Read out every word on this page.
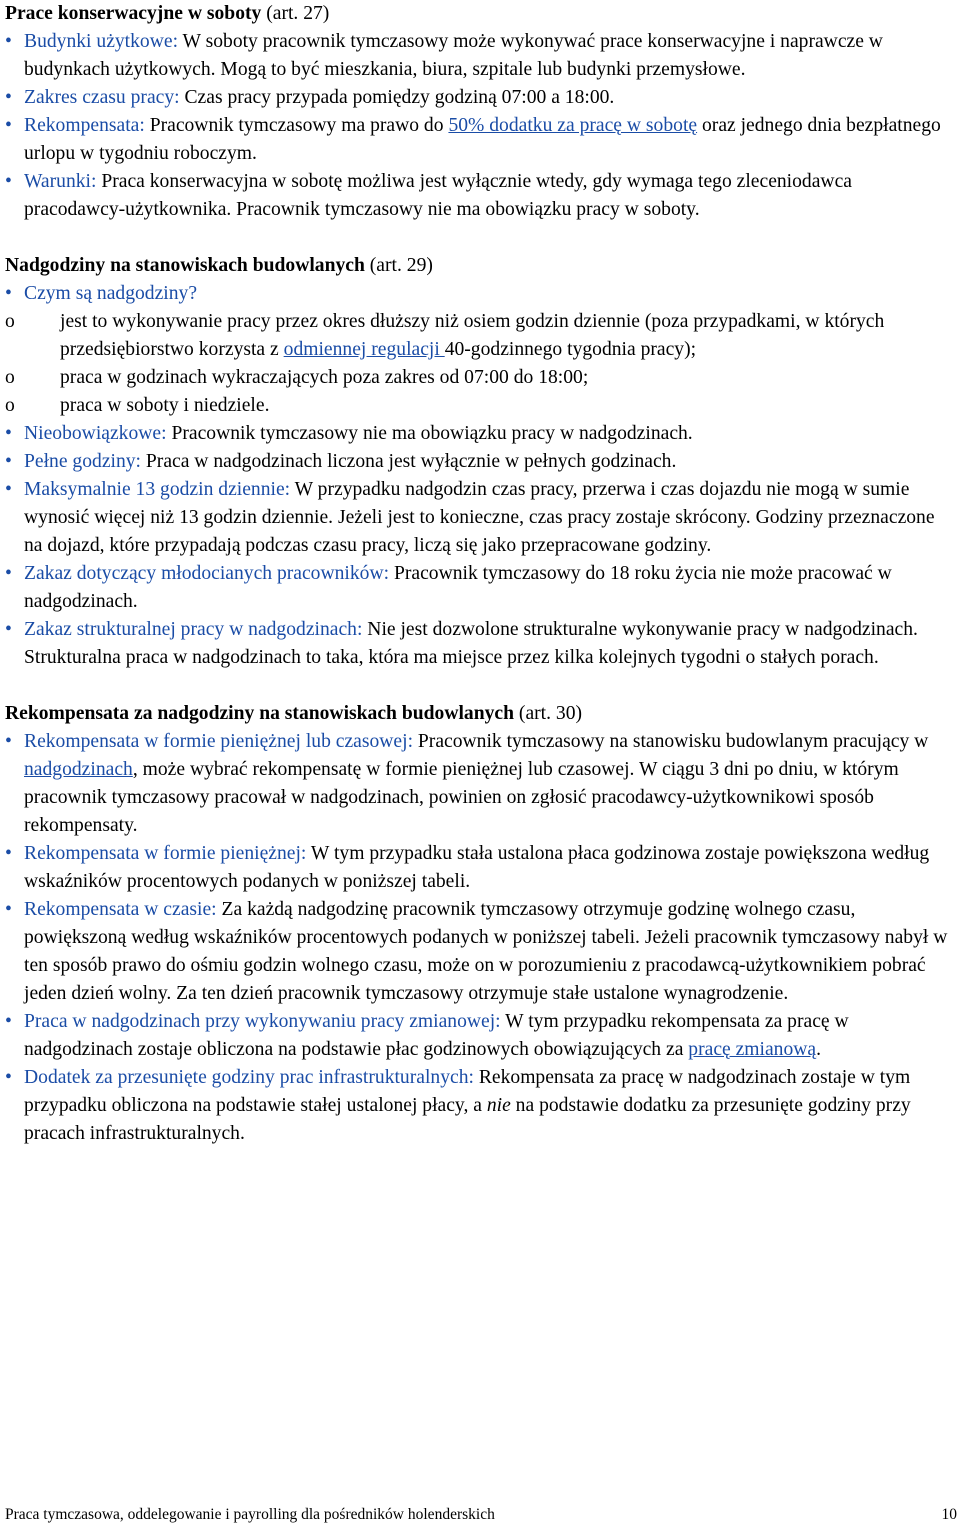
Prace konserwacyjne w soboty (art. 27)
• Budynki użytkowe: W soboty pracownik tymczasowy może wykonywać prace konserwacyjne i naprawcze w budynkach użytkowych. Mogą to być mieszkania, biura, szpitale lub budynki przemysłowe.
• Zakres czasu pracy: Czas pracy przypada pomiędzy godziną 07:00 a 18:00.
• Rekompensata: Pracownik tymczasowy ma prawo do 50% dodatku za pracę w sobotę oraz jednego dnia bezpłatnego urlopu w tygodniu roboczym.
• Warunki: Praca konserwacyjna w sobotę możliwa jest wyłącznie wtedy, gdy wymaga tego zleceniodawca pracodawcy-użytkownika. Pracownik tymczasowy nie ma obowiązku pracy w soboty.
Nadgodziny na stanowiskach budowlanych (art. 29)
• Czym są nadgodziny?
o jest to wykonywanie pracy przez okres dłuższy niż osiem godzin dziennie (poza przypadkami, w których przedsiębiorstwo korzysta z odmiennej regulacji 40-godzinnego tygodnia pracy);
o praca w godzinach wykraczających poza zakres od 07:00 do 18:00;
o praca w soboty i niedziele.
• Nieobowiązkowe: Pracownik tymczasowy nie ma obowiązku pracy w nadgodzinach.
• Pełne godziny: Praca w nadgodzinach liczona jest wyłącznie w pełnych godzinach.
• Maksymalnie 13 godzin dziennie: W przypadku nadgodzin czas pracy, przerwa i czas dojazdu nie mogą w sumie wynosić więcej niż 13 godzin dziennie. Jeżeli jest to konieczne, czas pracy zostaje skrócony. Godziny przeznaczone na dojazd, które przypadają podczas czasu pracy, liczą się jako przepracowane godziny.
• Zakaz dotyczący młodocianych pracowników: Pracownik tymczasowy do 18 roku życia nie może pracować w nadgodzinach.
• Zakaz strukturalnej pracy w nadgodzinach: Nie jest dozwolone strukturalne wykonywanie pracy w nadgodzinach. Strukturalna praca w nadgodzinach to taka, która ma miejsce przez kilka kolejnych tygodni o stałych porach.
Rekompensata za nadgodziny na stanowiskach budowlanych (art. 30)
• Rekompensata w formie pieniężnej lub czasowej: Pracownik tymczasowy na stanowisku budowlanym pracujący w nadgodzinach, może wybrać rekompensatę w formie pieniężnej lub czasowej. W ciągu 3 dni po dniu, w którym pracownik tymczasowy pracował w nadgodzinach, powinien on zgłosić pracodawcy-użytkownikowi sposób rekompensaty.
• Rekompensata w formie pieniężnej: W tym przypadku stała ustalona płaca godzinowa zostaje powiększona według wskaźników procentowych podanych w poniższej tabeli.
• Rekompensata w czasie: Za każdą nadgodzinę pracownik tymczasowy otrzymuje godzinę wolnego czasu, powiększoną według wskaźników procentowych podanych w poniższej tabeli. Jeżeli pracownik tymczasowy nabył w ten sposób prawo do ośmiu godzin wolnego czasu, może on w porozumieniu z pracodawcą-użytkownikiem pobrać jeden dzień wolny. Za ten dzień pracownik tymczasowy otrzymuje stałe ustalone wynagrodzenie.
• Praca w nadgodzinach przy wykonywaniu pracy zmianowej: W tym przypadku rekompensata za pracę w nadgodzinach zostaje obliczona na podstawie płac godzinowych obowiązujących za pracę zmianową.
• Dodatek za przesunięte godziny prac infrastrukturalnych: Rekompensata za pracę w nadgodzinach zostaje w tym przypadku obliczona na podstawie stałej ustalonej płacy, a nie na podstawie dodatku za przesunięte godziny przy pracach infrastrukturalnych.
Praca tymczasowa, oddelegowanie i payrolling dla pośredników holenderskich	10
